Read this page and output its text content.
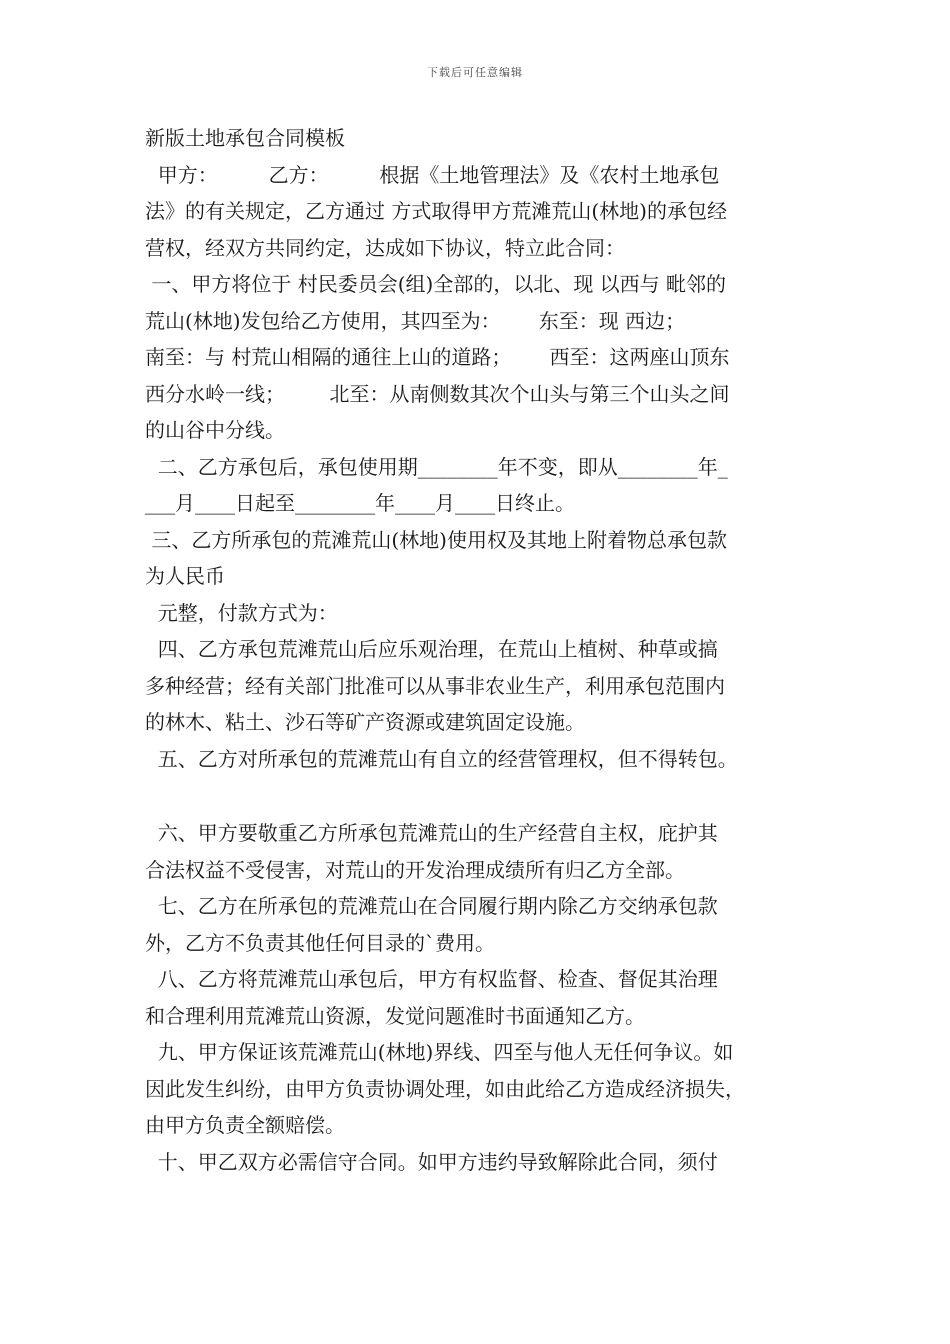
下载后可任意编辑
新版土地承包合同模板
甲方：        乙方：        根据《土地管理法》及《农村土地承包
法》的有关规定，乙方通过 方式取得甲方荒滩荒山(林地)的承包经
营权，经双方共同约定，达成如下协议，特立此合同：
一、甲方将位于 村民委员会(组)全部的，以北、现 以西与 毗邻的
荒山(林地)发包给乙方使用，其四至为：      东至：现 西边；
南至：与 村荒山相隔的通往上山的道路；      西至：这两座山顶东
西分水岭一线；       北至：从南侧数其次个山头与第三个山头之间
的山谷中分线。
二、乙方承包后，承包使用期________年不变，即从________年_
___月____日起至________年____月____日终止。
三、乙方所承包的荒滩荒山(林地)使用权及其地上附着物总承包款
为人民币
元整，付款方式为：
四、乙方承包荒滩荒山后应乐观治理，在荒山上植树、种草或搞
多种经营；经有关部门批准可以从事非农业生产，利用承包范围内
的林木、粘土、沙石等矿产资源或建筑固定设施。
五、乙方对所承包的荒滩荒山有自立的经营管理权，但不得转包。
六、甲方要敬重乙方所承包荒滩荒山的生产经营自主权，庇护其
合法权益不受侵害，对荒山的开发治理成绩所有归乙方全部。
七、乙方在所承包的荒滩荒山在合同履行期内除乙方交纳承包款
外，乙方不负责其他任何目录的`费用。
八、乙方将荒滩荒山承包后，甲方有权监督、检查、督促其治理
和合理利用荒滩荒山资源，发觉问题准时书面通知乙方。
九、甲方保证该荒滩荒山(林地)界线、四至与他人无任何争议。如
因此发生纠纷，由甲方负责协调处理，如由此给乙方造成经济损失，
由甲方负责全额赔偿。
十、甲乙双方必需信守合同。如甲方违约导致解除此合同，须付
